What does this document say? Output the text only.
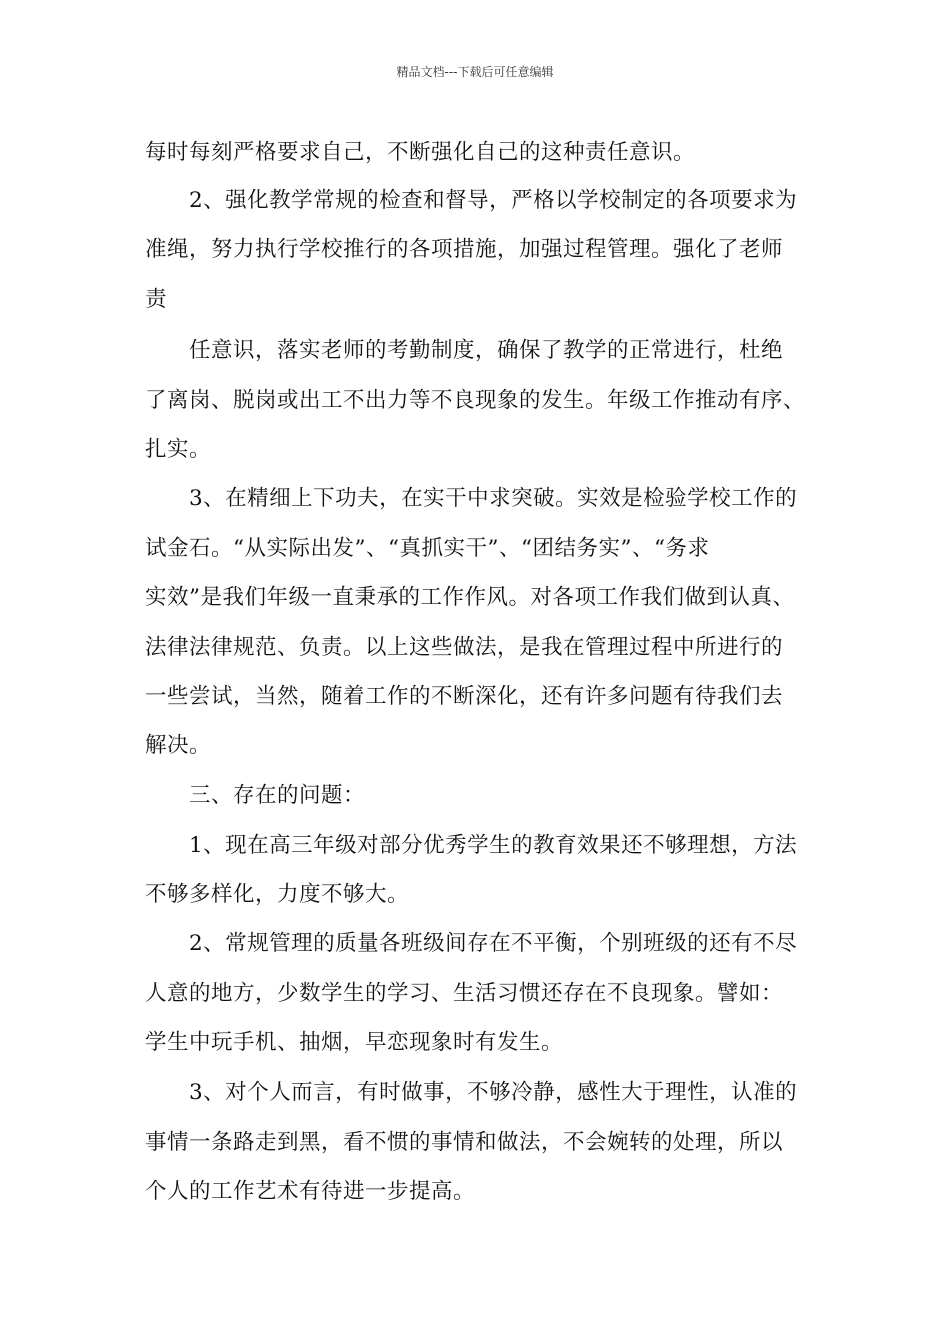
精品文档---下载后可任意编辑
每时每刻严格要求自己，不断强化自己的这种责任意识。
　　2、强化教学常规的检查和督导，严格以学校制定的各项要求为
准绳，努力执行学校推行的各项措施，加强过程管理。强化了老师
责
　　任意识，落实老师的考勤制度，确保了教学的正常进行，杜绝
了离岗、脱岗或出工不出力等不良现象的发生。年级工作推动有序、
扎实。
　　3、在精细上下功夫，在实干中求突破。实效是检验学校工作的
试金石。“从实际出发”、“真抓实干”、“团结务实”、“务求
实效”是我们年级一直秉承的工作作风。对各项工作我们做到认真、
法律法律规范、负责。以上这些做法，是我在管理过程中所进行的
一些尝试，当然，随着工作的不断深化，还有许多问题有待我们去
解决。
　　三、存在的问题：
　　1、现在高三年级对部分优秀学生的教育效果还不够理想，方法
不够多样化，力度不够大。
　　2、常规管理的质量各班级间存在不平衡，个别班级的还有不尽
人意的地方，少数学生的学习、生活习惯还存在不良现象。譬如：
学生中玩手机、抽烟，早恋现象时有发生。
　　3、对个人而言，有时做事，不够冷静，感性大于理性，认准的
事情一条路走到黑，看不惯的事情和做法，不会婉转的处理，所以
个人的工作艺术有待进一步提高。
